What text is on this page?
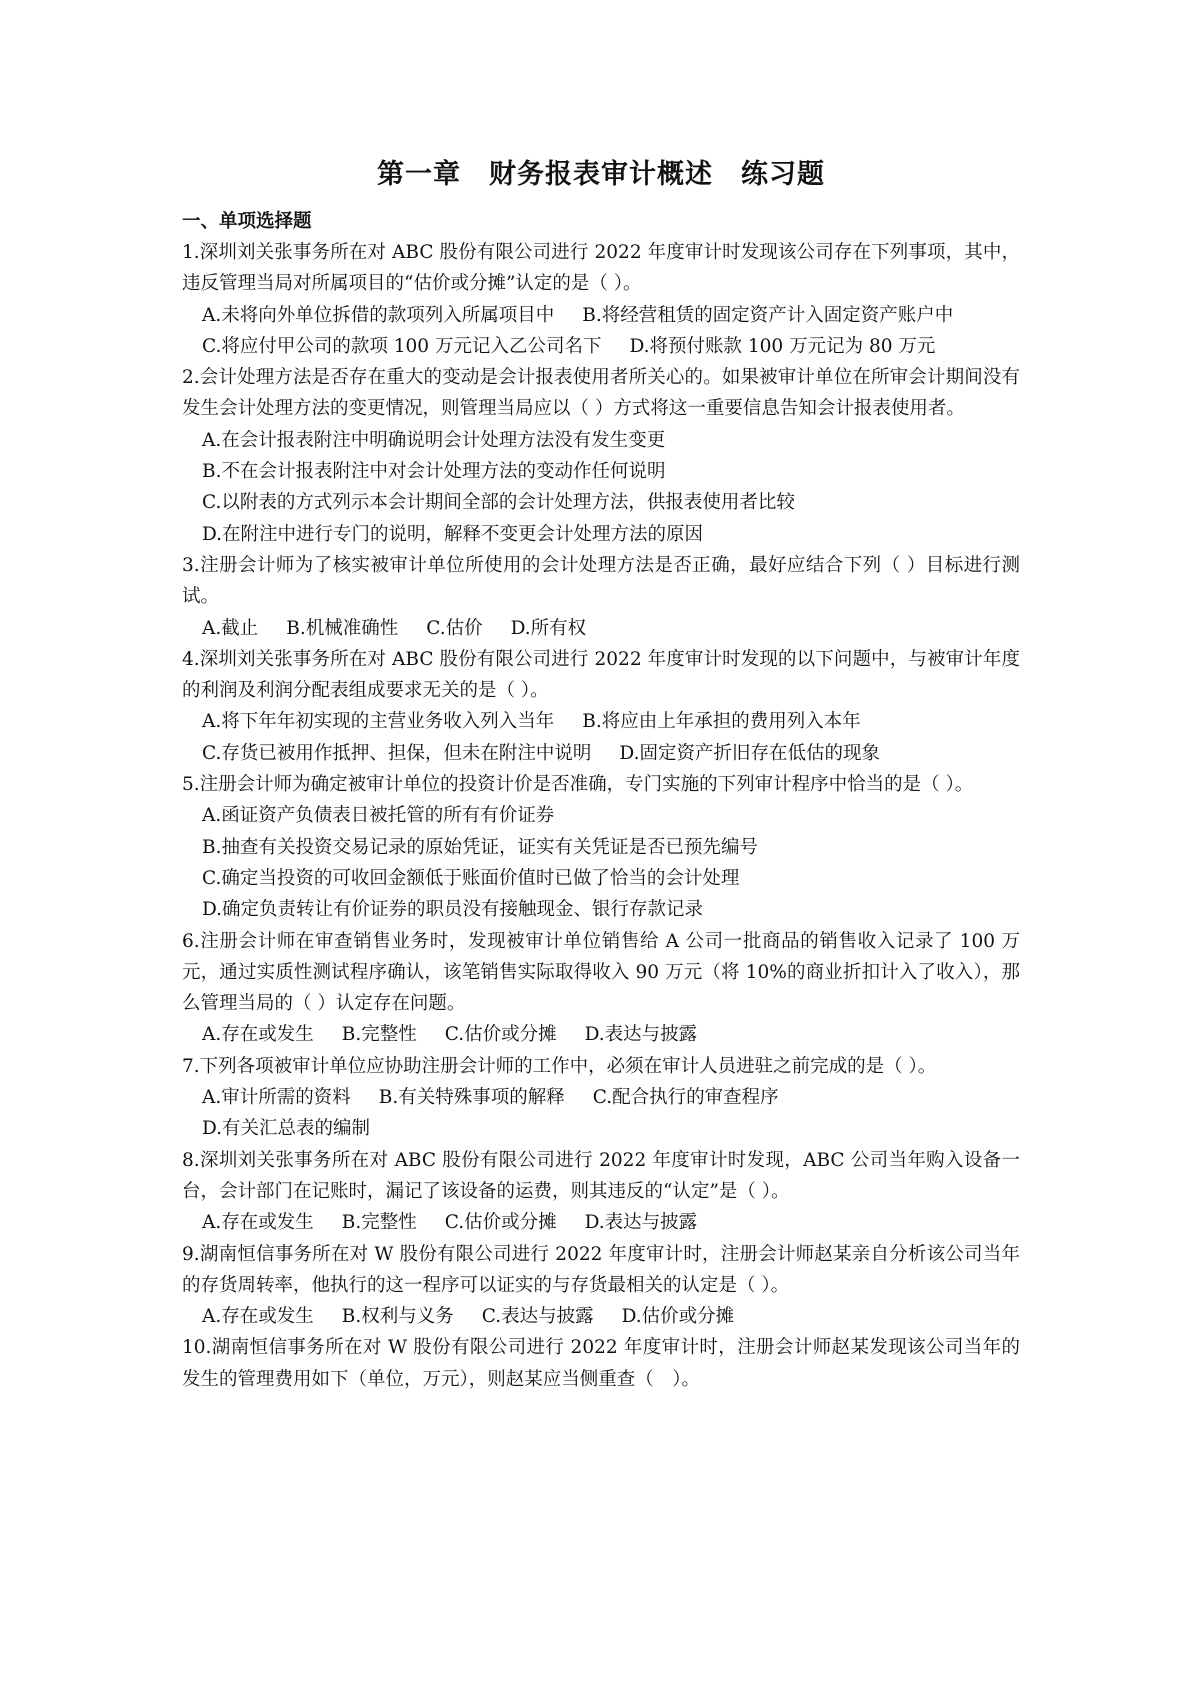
第一章　财务报表审计概述　练习题
一、单项选择题

1.深圳刘关张事务所在对 ABC 股份有限公司进行 2022 年度审计时发现该公司存在下列事项，其中，违反管理当局对所属项目的“估价或分摊”认定的是（ ）。

A.未将向外单位拆借的款项列入所属项目中 B.将经营租赁的固定资产计入固定资产账户中

C.将应付甲公司的款项 100 万元记入乙公司名下 D.将预付账款 100 万元记为 80 万元

2.会计处理方法是否存在重大的变动是会计报表使用者所关心的。如果被审计单位在所审会计期间没有发生会计处理方法的变更情况，则管理当局应以（ ）方式将这一重要信息告知会计报表使用者。

A.在会计报表附注中明确说明会计处理方法没有发生变更

B.不在会计报表附注中对会计处理方法的变动作任何说明

C.以附表的方式列示本会计期间全部的会计处理方法，供报表使用者比较

D.在附注中进行专门的说明，解释不变更会计处理方法的原因

3.注册会计师为了核实被审计单位所使用的会计处理方法是否正确，最好应结合下列（ ）目标进行测试。

A.截止 B.机械准确性 C.估价 D.所有权

4.深圳刘关张事务所在对 ABC 股份有限公司进行 2022 年度审计时发现的以下问题中，与被审计年度的利润及利润分配表组成要求无关的是（ ）。

A.将下年年初实现的主营业务收入列入当年 B.将应由上年承担的费用列入本年

C.存货已被用作抵押、担保，但未在附注中说明 D.固定资产折旧存在低估的现象

5.注册会计师为确定被审计单位的投资计价是否准确，专门实施的下列审计程序中恰当的是（ ）。

A.函证资产负债表日被托管的所有有价证券

B.抽查有关投资交易记录的原始凭证，证实有关凭证是否已预先编号

C.确定当投资的可收回金额低于账面价值时已做了恰当的会计处理

D.确定负责转让有价证券的职员没有接触现金、银行存款记录

6.注册会计师在审查销售业务时，发现被审计单位销售给 A 公司一批商品的销售收入记录了 100 万元，通过实质性测试程序确认，该笔销售实际取得收入 90 万元（将 10%的商业折扣计入了收入），那么管理当局的（ ）认定存在问题。

A.存在或发生 B.完整性 C.估价或分摊 D.表达与披露

7.下列各项被审计单位应协助注册会计师的工作中，必须在审计人员进驻之前完成的是（ ）。

A.审计所需的资料 B.有关特殊事项的解释 C.配合执行的审查程序

D.有关汇总表的编制

8.深圳刘关张事务所在对 ABC 股份有限公司进行 2022 年度审计时发现，ABC 公司当年购入设备一台，会计部门在记账时，漏记了该设备的运费，则其违反的“认定”是（ ）。

A.存在或发生 B.完整性 C.估价或分摊 D.表达与披露

9.湖南恒信事务所在对 W 股份有限公司进行 2022 年度审计时，注册会计师赵某亲自分析该公司当年的存货周转率，他执行的这一程序可以证实的与存货最相关的认定是（ ）。

A.存在或发生 B.权利与义务 C.表达与披露 D.估价或分摊

10.湖南恒信事务所在对 W 股份有限公司进行 2022 年度审计时，注册会计师赵某发现该公司当年的发生的管理费用如下（单位，万元），则赵某应当侧重查（　）。
